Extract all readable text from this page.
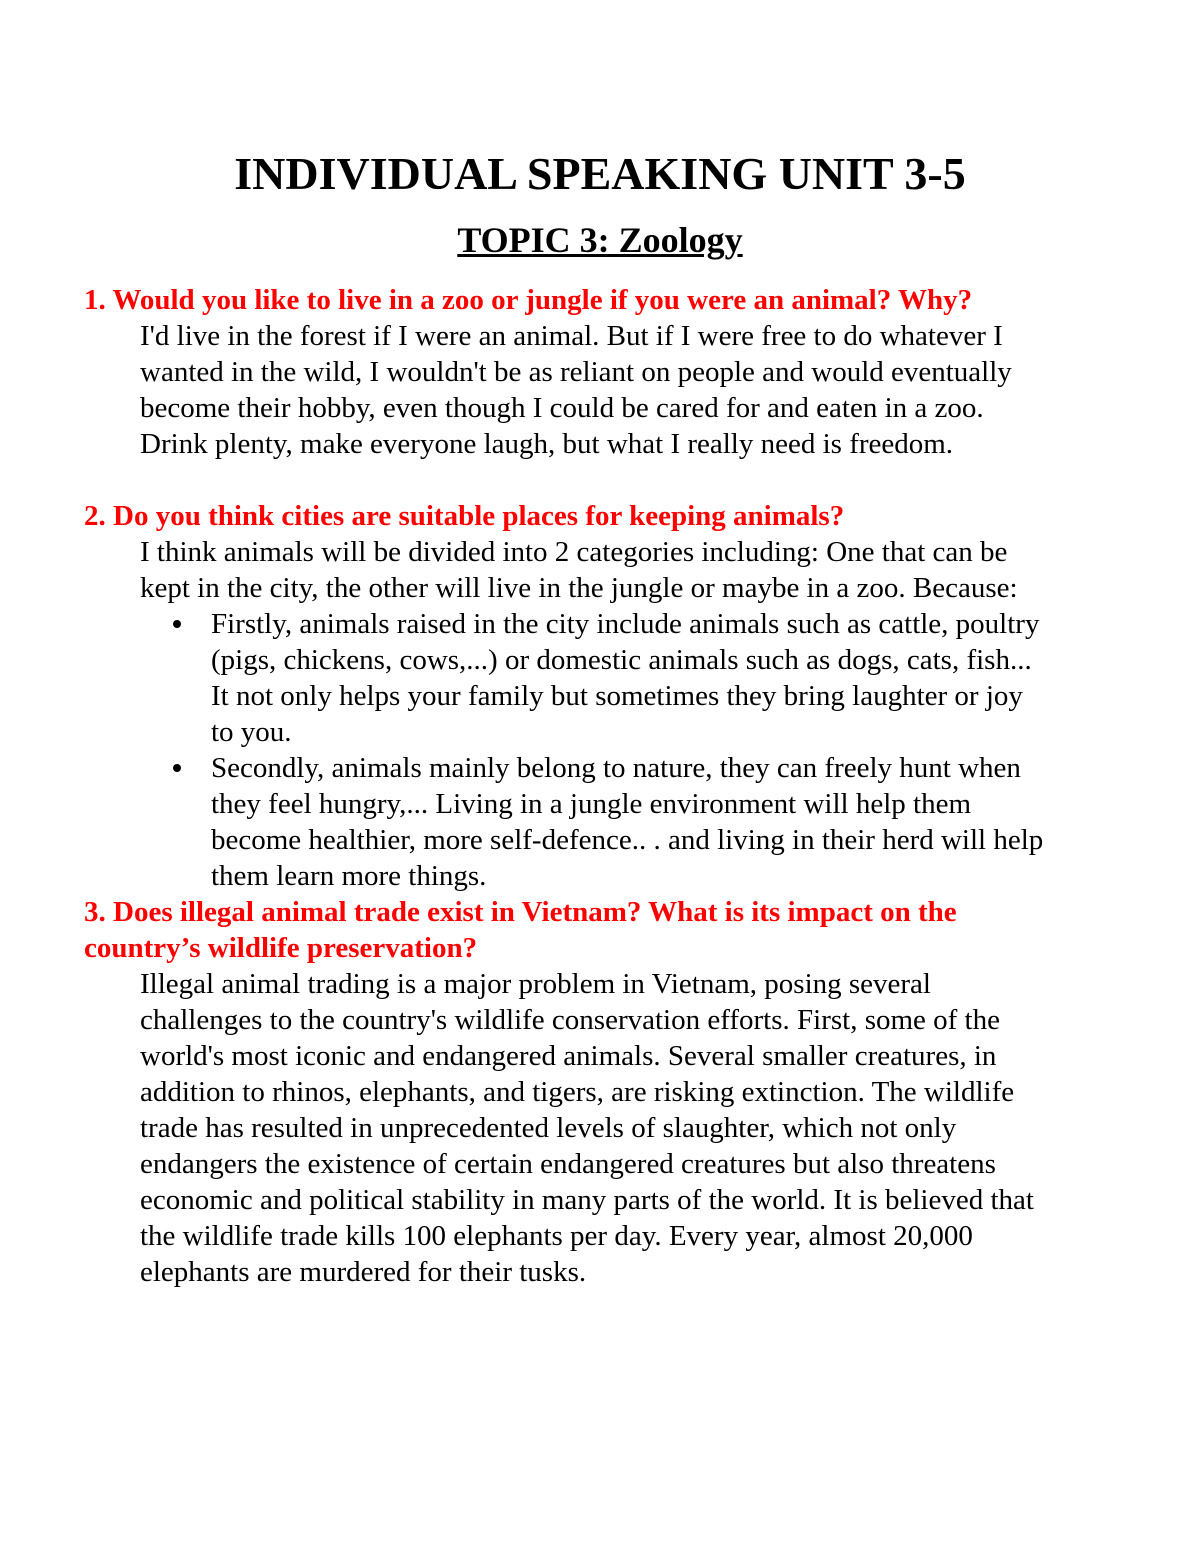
INDIVIDUAL SPEAKING UNIT 3-5
TOPIC 3: Zoology

1. Would you like to live in a zoo or jungle if you were an animal? Why?

I'd live in the forest if I were an animal. But if I were free to do whatever I
wanted in the wild, I wouldn't be as reliant on people and would eventually
become their hobby, even though I could be cared for and eaten in a zoo.
Drink plenty, make everyone laugh, but what I really need is freedom.

2. Do you think cities are suitable places for keeping animals?

I think animals will be divided into 2 categories including: One that can be
kept in the city, the other will live in the jungle or maybe in a zoo. Because:
Firstly, animals raised in the city include animals such as cattle, poultry
(pigs, chickens, cows,...) or domestic animals such as dogs, cats, fish...
It not only helps your family but sometimes they bring laughter or joy
to you.
Secondly, animals mainly belong to nature, they can freely hunt when
they feel hungry,... Living in a jungle environment will help them
become healthier, more self-defence.. . and living in their herd will help
them learn more things.
3. Does illegal animal trade exist in Vietnam? What is its impact on the
country’s wildlife preservation?
Illegal animal trading is a major problem in Vietnam, posing several
challenges to the country's wildlife conservation efforts. First, some of the
world's most iconic and endangered animals. Several smaller creatures, in
addition to rhinos, elephants, and tigers, are risking extinction. The wildlife
trade has resulted in unprecedented levels of slaughter, which not only
endangers the existence of certain endangered creatures but also threatens
economic and political stability in many parts of the world. It is believed that
the wildlife trade kills 100 elephants per day. Every year, almost 20,000
elephants are murdered for their tusks.
